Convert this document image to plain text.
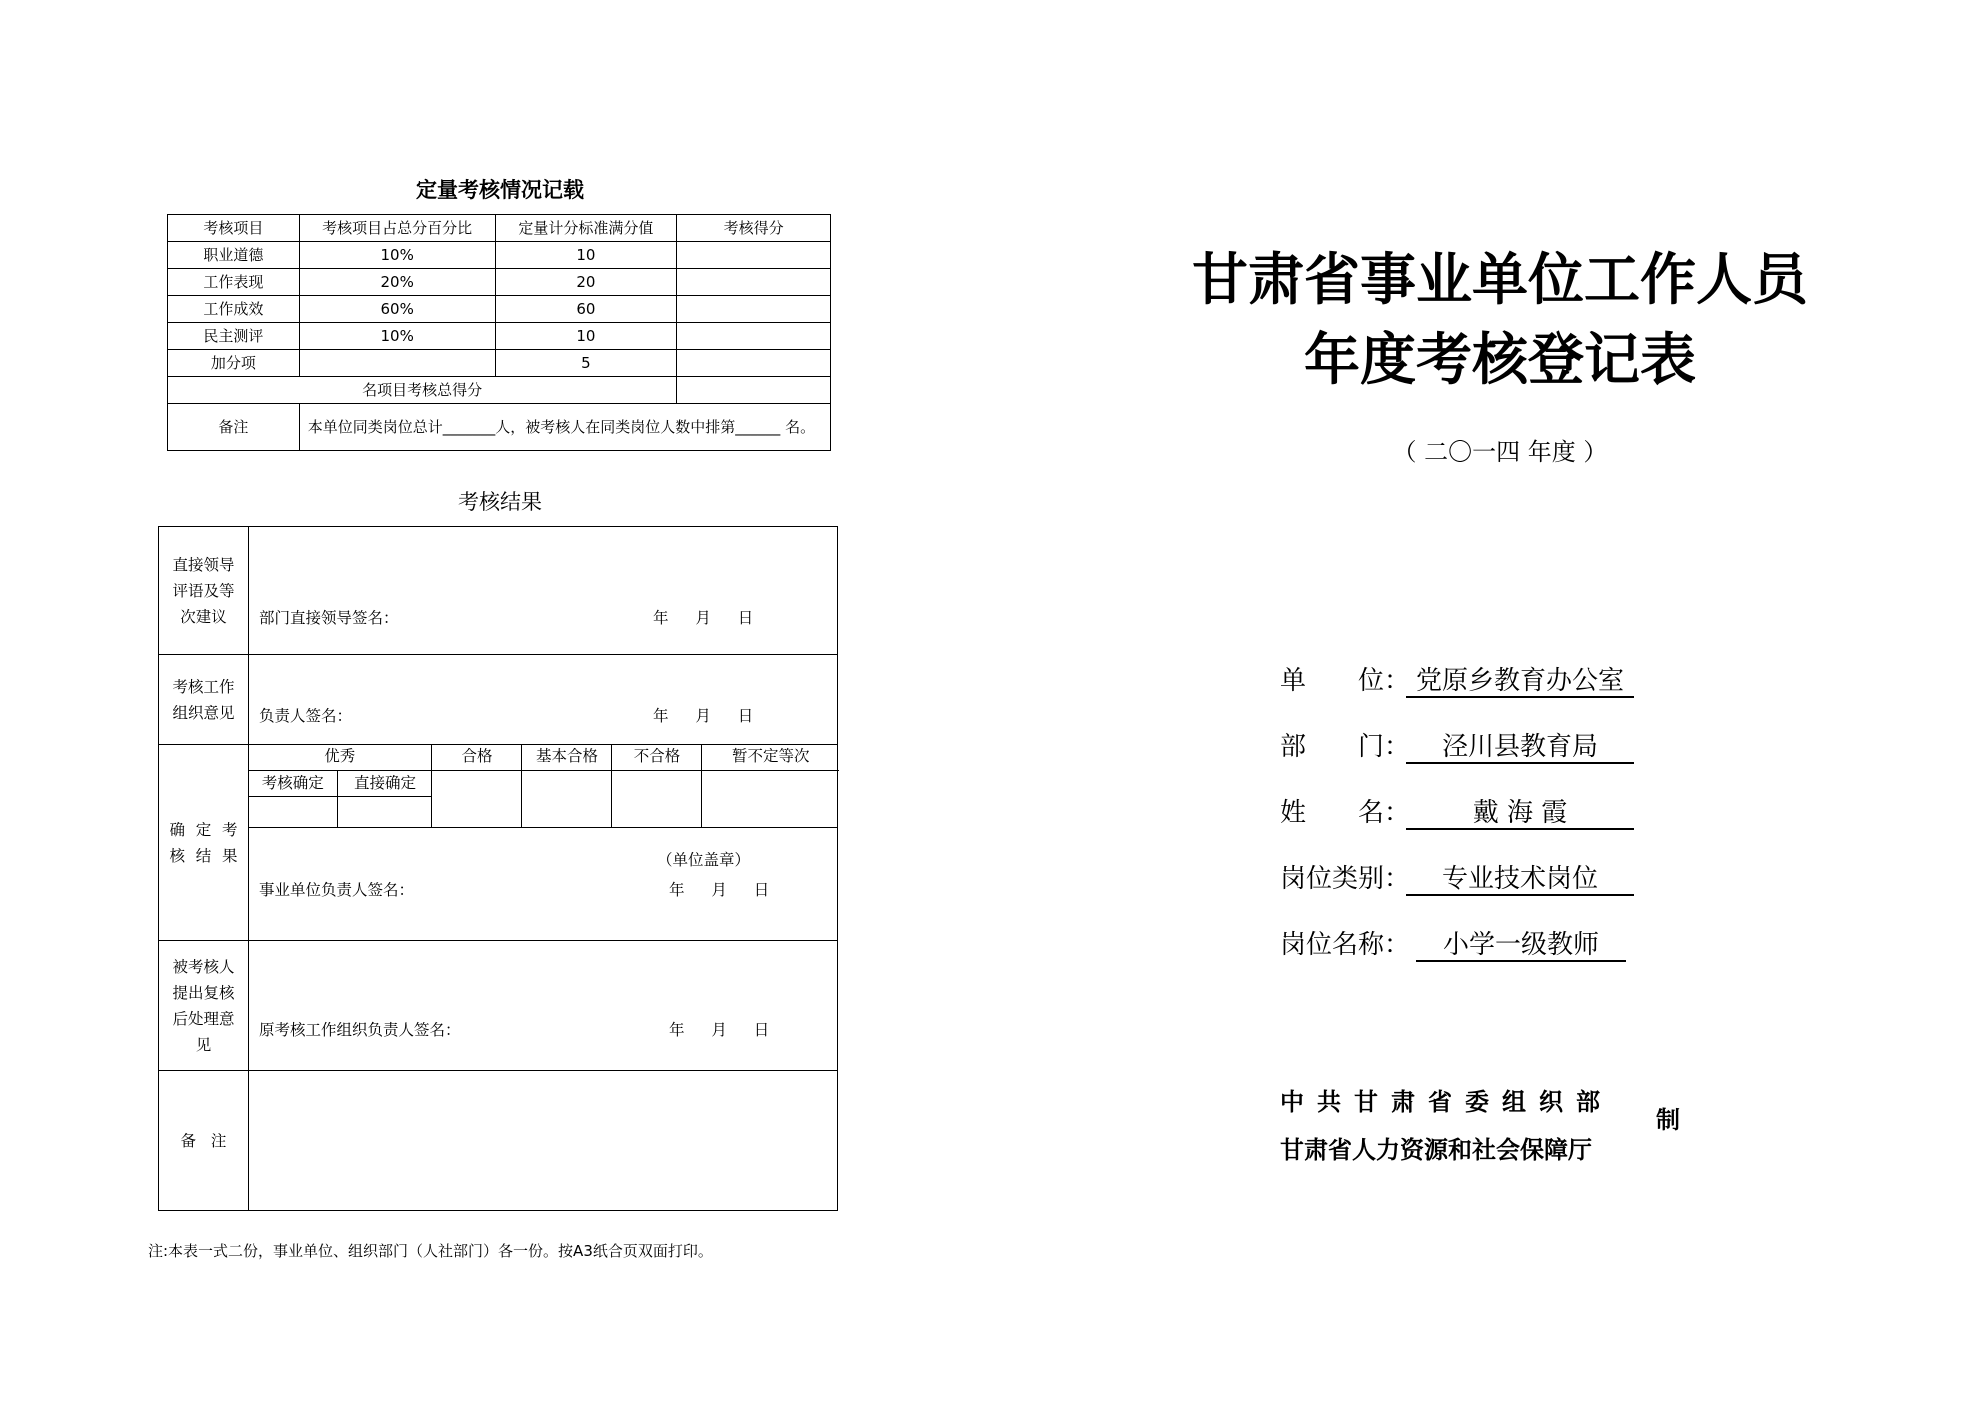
定量考核情况记载
考核项目	考核项目占总分百分比	定量计分标准满分值	考核得分
职业道德	10%	10	
工作表现	20%	20	
工作成效	60%	60	
民主测评	10%	10	
加分项		5	
名项目考核总得分			
备注	本单位同类岗位总计_______人，被考核人在同类岗位人数中排第______ 名。		
考核结果
直接领导评语及等次建议	部门直接领导签名：	年 月 日

考核工作组织意见	负责人签名：	年 月 日

确 定 考核结果

优秀	合格	基本合格	不合格	暂不定等次
考核确定	直接确定				

（单位盖章）
事业单位负责人签名：	年 月 日

被考核人提出复核后处理意见

原考核工作组织负责人签名：	年 月 日

备 注	
注:本表一式二份，事业单位、组织部门（人社部门）各一份。按A3纸合页双面打印。
甘肃省事业单位工作人员
年度考核登记表
（ 二〇一四 年度 ）
单　　位： 党原乡教育办公室
部　　门：	泾川县教育局
姓　　名：	戴 海 霞
岗位类别：	专业技术岗位
岗位名称：	小学一级教师
中共甘肃省委组织部
甘肃省人力资源和社会保障厅
制
